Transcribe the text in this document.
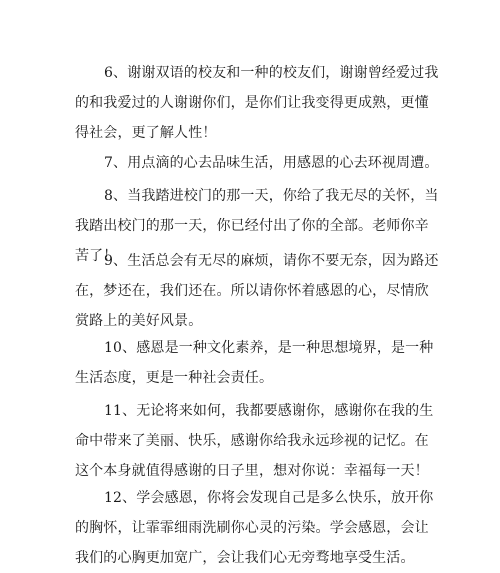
6、谢谢双语的校友和一种的校友们，谢谢曾经爱过我的和我爱过的人谢谢你们，是你们让我变得更成熟，更懂得社会，更了解人性！

7、用点滴的心去品味生活，用感恩的心去环视周遭。

8、当我踏进校门的那一天，你给了我无尽的关怀，当我踏出校门的那一天，你已经付出了你的全部。老师你辛苦了！

9、生活总会有无尽的麻烦，请你不要无奈，因为路还在，梦还在，我们还在。所以请你怀着感恩的心，尽情欣赏路上的美好风景。

10、感恩是一种文化素养，是一种思想境界，是一种生活态度，更是一种社会责任。

11、无论将来如何，我都要感谢你，感谢你在我的生命中带来了美丽、快乐，感谢你给我永远珍视的记忆。在这个本身就值得感谢的日子里，想对你说：幸福每一天！

12、学会感恩，你将会发现自己是多么快乐，放开你的胸怀，让霏霏细雨洗刷你心灵的污染。学会感恩，会让我们的心胸更加宽广，会让我们心无旁骛地享受生活。
